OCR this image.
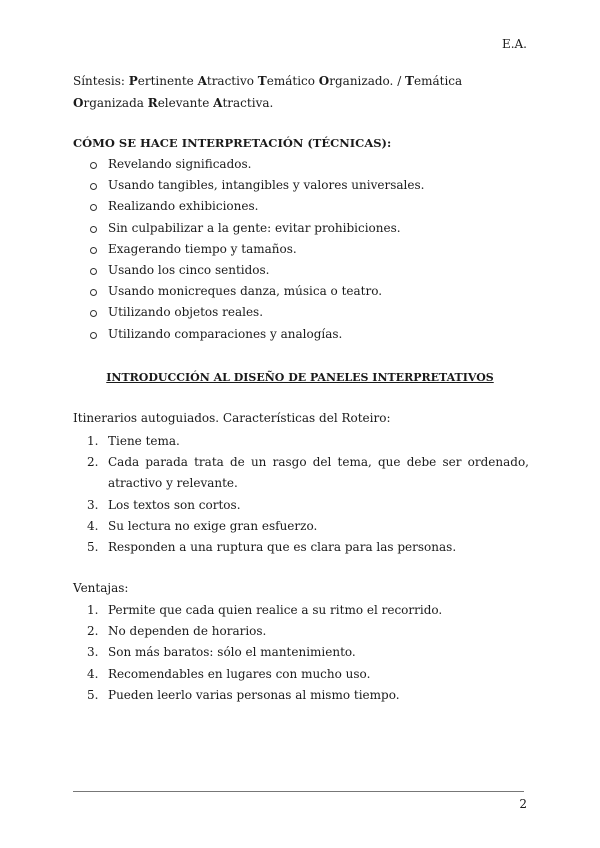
E.A.
Síntesis: Pertinente Atractivo Temático Organizado. / Temática Organizada Relevante Atractiva.
CÓMO SE HACE INTERPRETACIÓN (TÉCNICAS):
Revelando significados.
Usando tangibles, intangibles y valores universales.
Realizando exhibiciones.
Sin culpabilizar a la gente: evitar prohibiciones.
Exagerando tiempo y tamaños.
Usando los cinco sentidos.
Usando monicreques danza, música o teatro.
Utilizando objetos reales.
Utilizando comparaciones y analogías.
INTRODUCCIÓN AL DISEÑO DE PANELES INTERPRETATIVOS
Itinerarios autoguiados. Características del Roteiro:
1. Tiene tema.
2. Cada parada trata de un rasgo del tema, que debe ser ordenado, atractivo y relevante.
3. Los textos son cortos.
4. Su lectura no exige gran esfuerzo.
5. Responden a una ruptura que es clara para las personas.
Ventajas:
1. Permite que cada quien realice a su ritmo el recorrido.
2. No dependen de horarios.
3. Son más baratos: sólo el mantenimiento.
4. Recomendables en lugares con mucho uso.
5. Pueden leerlo varias personas al mismo tiempo.
2
